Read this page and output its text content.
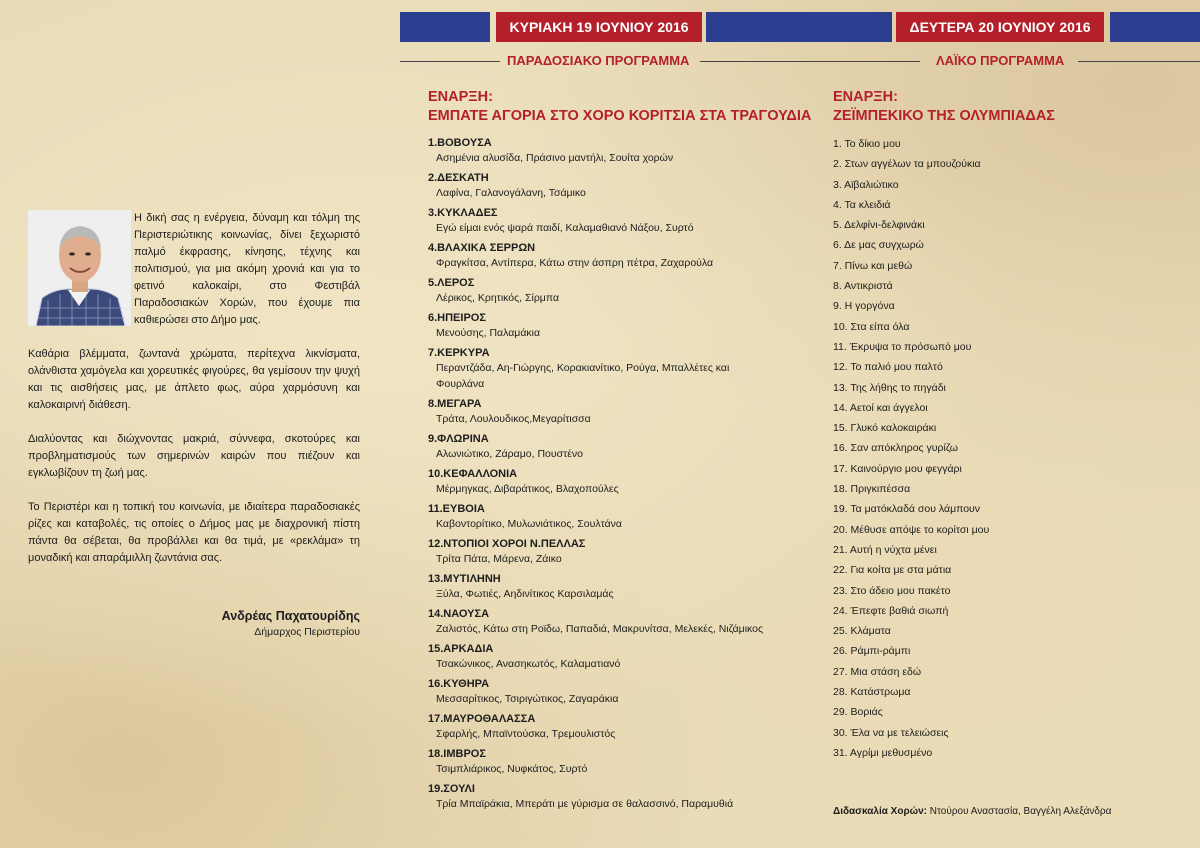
ΚΥΡΙΑΚΗ 19 ΙΟΥΝΙΟΥ 2016	ΔΕΥΤΕΡΑ 20 ΙΟΥΝΙΟΥ 2016
ΠΑΡΑΔΟΣΙΑΚΟ ΠΡΟΓΡΑΜΜΑ	ΛΑΪΚΟ ΠΡΟΓΡΑΜΜΑ

Η δική σας η ενέργεια, δύναμη και τόλμη της Περιστεριώτικης κοινωνίας, δίνει ξεχωριστό παλμό έκφρασης, κίνησης, τέχνης και πολιτισμού, για μια ακόμη χρονιά και για το φετινό καλοκαίρι, στο Φεστιβάλ Παραδοσιακών Χορών, που έχουμε πια καθιερώσει στο Δήμο μας.

Καθάρια βλέμματα, ζωντανά χρώματα, περίτεχνα λικνίσματα, ολάνθιστα χαμόγελα και χορευτικές φιγούρες, θα γεμίσουν την ψυχή και τις αισθήσεις μας, με άπλετο φως, αύρα χαρμόσυνη και καλοκαιρινή διάθεση.

Διαλύοντας και διώχνοντας μακριά, σύννεφα, σκοτούρες και προβληματισμούς των σημερινών καιρών που πιέζουν και εγκλωβίζουν τη ζωή μας.

Το Περιστέρι και η τοπική του κοινωνία, με ιδιαίτερα παραδοσιακές ρίζες και καταβολές, τις οποίες ο Δήμος μας με διαχρονική πίστη πάντα θα σέβεται, θα προβάλλει και θα τιμά, με «ρεκλάμα» τη μοναδική και απαράμιλλη ζωντάνια σας.

Ανδρέας Παχατουρίδης
Δήμαρχος Περιστερίου
ΕΝΑΡΞΗ:
ΕΜΠΑΤΕ ΑΓΟΡΙΑ ΣΤΟ ΧΟΡΟ ΚΟΡΙΤΣΙΑ ΣΤΑ ΤΡΑΓΟΥΔΙΑ
1.ΒΟΒΟΥΣΑ
Ασημένια αλυσίδα, Πράσινο μαντήλι, Σουίτα χορών
2.ΔΕΣΚΑΤΗ
Λαφίνα, Γαλανογάλανη, Τσάμικο
3.ΚΥΚΛΑΔΕΣ
Εγώ είμαι ενός ψαρά παιδί, Καλαμαθιανό Νάξου, Συρτό
4.ΒΛΑΧΙΚΑ ΣΕΡΡΩΝ
Φραγκίτσα, Αντίπερα, Κάτω στην άσπρη πέτρα, Ζαχαρούλα
5.ΛΕΡΟΣ
Λέρικος, Κρητικός, Σίρμπα
6.ΗΠΕΙΡΟΣ
Μενούσης, Παλαμάκια
7.ΚΕΡΚΥΡΑ
Περαντζάδα, Αη-Γιώργης, Κορακιανίτικο, Ρούγα, Μπαλλέτες και
Φουρλάνα
8.ΜΕΓΑΡΑ
Τράτα, Λουλουδικος,Μεγαρίτισσα
9.ΦΛΩΡΙΝΑ
Αλωνιώτικο, Ζάραμο, Πουστένο
10.ΚΕΦΑΛΛΟΝΙΑ
Μέρμηγκας, Διβαράτικος, Βλαχοπούλες
11.ΕΥΒΟΙΑ
Καβοντορίτικο, Μυλωνιάτικος, Σουλτάνα
12.ΝΤΟΠΙΟΙ ΧΟΡΟΙ Ν.ΠΕΛΛΑΣ
Τρίτα Πάτα, Μάρενα, Ζάικο
13.ΜΥΤΙΛΗΝΗ
Ξύλα, Φωτιές, Αηδινίτικος Καρσιλαμάς
14.ΝΑΟΥΣΑ
Ζαλιστός, Κάτω στη Ροϊδω, Παπαδιά, Μακρυνίτσα, Μελεκές, Νιζάμικος
15.ΑΡΚΑΔΙΑ
Τσακώνικος, Ανασηκωτός, Καλαματιανό
16.ΚΥΘΗΡΑ
Μεσσαρίτικος, Τσιριγώτικος, Ζαγαράκια
17.ΜΑΥΡΟΘΑΛΑΣΣΑ
Σφαρλής, Μπαϊντούσκα, Τρεμουλιστός
18.ΙΜΒΡΟΣ
Τσιμπλιάρικος, Νυφκάτος, Συρτό
19.ΣΟΥΛΙ
Τρία Μπαϊράκια, Μπεράτι με γύρισμα σε θαλασσινό, Παραμυθιά
ΕΝΑΡΞΗ:
ΖΕΪΜΠΕΚΙΚΟ ΤΗΣ ΟΛΥΜΠΙΑΔΑΣ
1. Το δίκιο μου
2. Στων αγγέλων τα μπουζούκια
3. Αϊβαλιώτικο
4. Τα κλειδιά
5. Δελφίνι-δελφινάκι
6. Δε μας συγχωρώ
7. Πίνω και μεθώ
8. Αντικριστά
9. Η γοργόνα
10. Στα είπα όλα
11. Έκρυψα το πρόσωπό μου
12. Το παλιό μου παλτό
13. Της λήθης το πηγάδι
14. Αετοί και άγγελοι
15. Γλυκό καλοκαιράκι
16. Σαν απόκληρος γυρίζω
17. Καινούργιο μου φεγγάρι
18. Πριγκιπέσσα
19. Τα ματόκλαδά σου λάμπουν
20. Μέθυσε απόψε το κορίτσι μου
21. Αυτή η νύχτα μένει
22. Για κοίτα με στα μάτια
23. Στο άδειο μου πακέτο
24. Έπεφτε βαθιά σιωπή
25. Κλάματα
26. Ράμπι-ράμπι
27. Μια στάση εδώ
28. Κατάστρωμα
29. Βοριάς
30. Έλα να με τελειώσεις
31. Αγρίμι μεθυσμένο
Διδασκαλία Χορών: Ντούρου Αναστασία, Βαγγέλη Αλεξάνδρα
